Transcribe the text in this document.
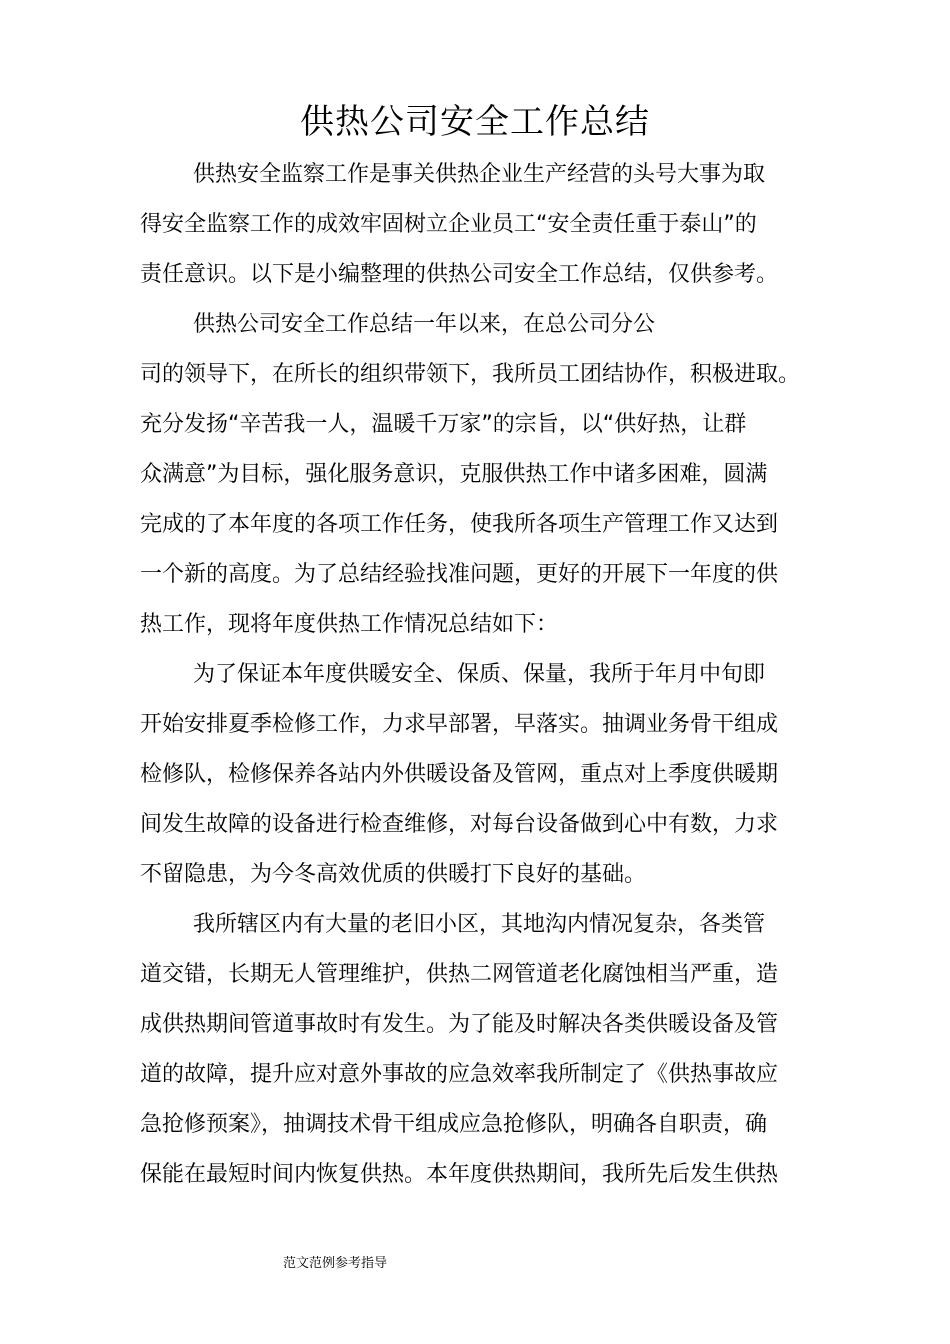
供热公司安全工作总结
供热安全监察工作是事关供热企业生产经营的头号大事为取
得安全监察工作的成效牢固树立企业员工“安全责任重于泰山”的
责任意识。以下是小编整理的供热公司安全工作总结，仅供参考。
供热公司安全工作总结一年以来，在总公司分公
司的领导下，在所长的组织带领下，我所员工团结协作，积极进取。
充分发扬“辛苦我一人，温暖千万家”的宗旨，以“供好热，让群
众满意”为目标，强化服务意识，克服供热工作中诸多困难，圆满
完成的了本年度的各项工作任务，使我所各项生产管理工作又达到
一个新的高度。为了总结经验找准问题，更好的开展下一年度的供
热工作，现将年度供热工作情况总结如下：
为了保证本年度供暖安全、保质、保量，我所于年月中旬即
开始安排夏季检修工作，力求早部署，早落实。抽调业务骨干组成
检修队，检修保养各站内外供暖设备及管网，重点对上季度供暖期
间发生故障的设备进行检查维修，对每台设备做到心中有数，力求
不留隐患，为今冬高效优质的供暖打下良好的基础。
我所辖区内有大量的老旧小区，其地沟内情况复杂，各类管
道交错，长期无人管理维护，供热二网管道老化腐蚀相当严重，造
成供热期间管道事故时有发生。为了能及时解决各类供暖设备及管
道的故障，提升应对意外事故的应急效率我所制定了《供热事故应
急抢修预案》，抽调技术骨干组成应急抢修队，明确各自职责，确
保能在最短时间内恢复供热。本年度供热期间，我所先后发生供热
范文范例参考指导
